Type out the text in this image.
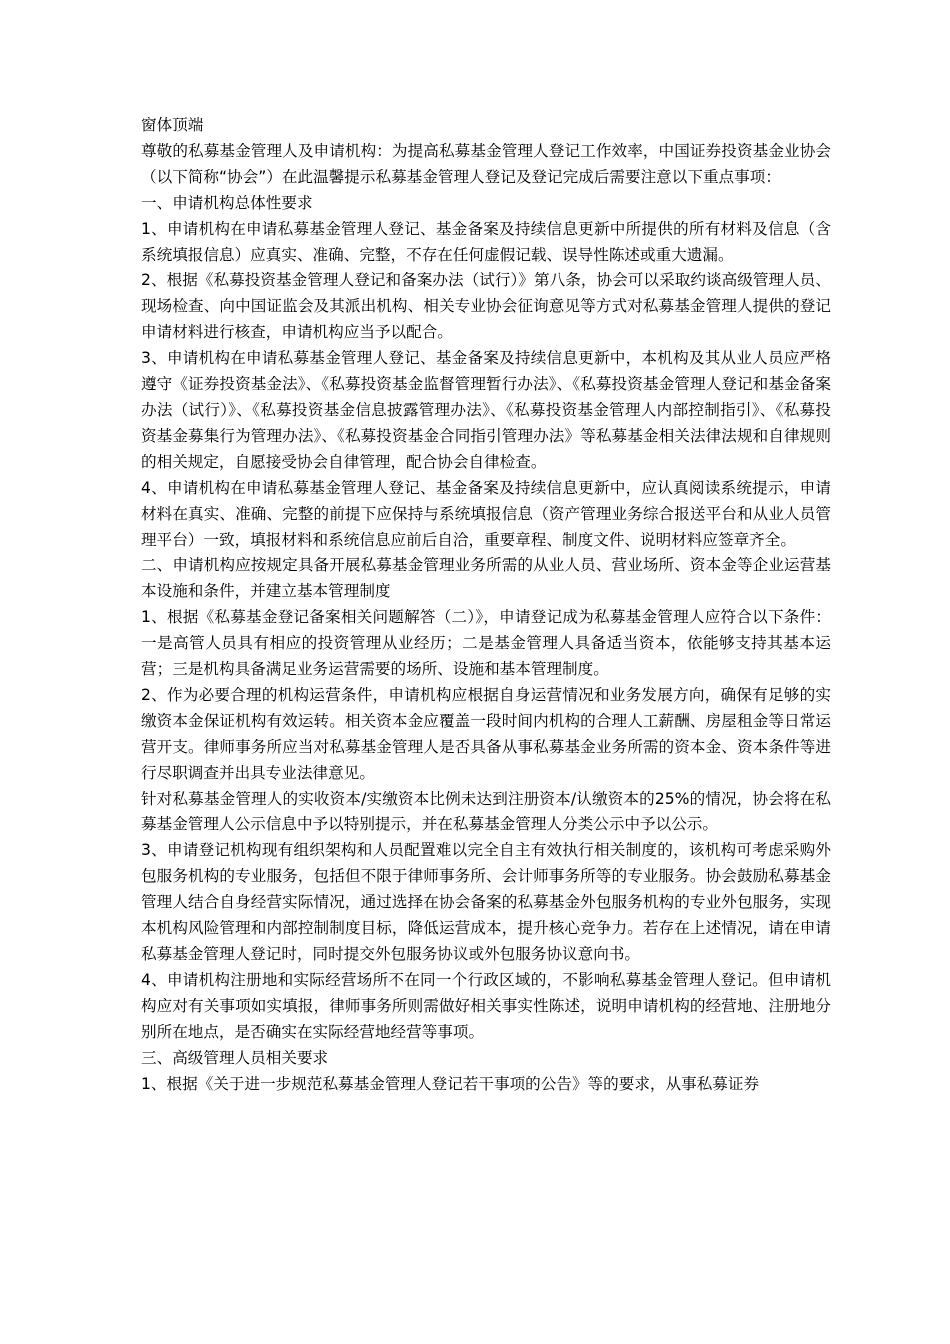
窗体顶端

尊敬的私募基金管理人及申请机构：为提高私募基金管理人登记工作效率，中国证券投资基金业协会（以下简称“协会”）在此温馨提示私募基金管理人登记及登记完成后需要注意以下重点事项：

一、申请机构总体性要求

1、申请机构在申请私募基金管理人登记、基金备案及持续信息更新中所提供的所有材料及信息（含系统填报信息）应真实、准确、完整，不存在任何虚假记载、误导性陈述或重大遗漏。

2、根据《私募投资基金管理人登记和备案办法（试行）》第八条，协会可以采取约谈高级管理人员、现场检查、向中国证监会及其派出机构、相关专业协会征询意见等方式对私募基金管理人提供的登记申请材料进行核查，申请机构应当予以配合。

3、申请机构在申请私募基金管理人登记、基金备案及持续信息更新中，本机构及其从业人员应严格遵守《证券投资基金法》、《私募投资基金监督管理暂行办法》、《私募投资基金管理人登记和基金备案办法（试行）》、《私募投资基金信息披露管理办法》、《私募投资基金管理人内部控制指引》、《私募投资基金募集行为管理办法》、《私募投资基金合同指引管理办法》等私募基金相关法律法规和自律规则的相关规定，自愿接受协会自律管理，配合协会自律检查。

4、申请机构在申请私募基金管理人登记、基金备案及持续信息更新中，应认真阅读系统提示，申请材料在真实、准确、完整的前提下应保持与系统填报信息（资产管理业务综合报送平台和从业人员管理平台）一致，填报材料和系统信息应前后自洽，重要章程、制度文件、说明材料应签章齐全。

二、申请机构应按规定具备开展私募基金管理业务所需的从业人员、营业场所、资本金等企业运营基本设施和条件，并建立基本管理制度

1、根据《私募基金登记备案相关问题解答（二）》，申请登记成为私募基金管理人应符合以下条件：一是高管人员具有相应的投资管理从业经历；二是基金管理人具备适当资本，依能够支持其基本运营；三是机构具备满足业务运营需要的场所、设施和基本管理制度。

2、作为必要合理的机构运营条件，申请机构应根据自身运营情况和业务发展方向，确保有足够的实缴资本金保证机构有效运转。相关资本金应覆盖一段时间内机构的合理人工薪酬、房屋租金等日常运营开支。律师事务所应当对私募基金管理人是否具备从事私募基金业务所需的资本金、资本条件等进行尽职调查并出具专业法律意见。

针对私募基金管理人的实收资本/实缴资本比例未达到注册资本/认缴资本的25%的情况，协会将在私募基金管理人公示信息中予以特别提示，并在私募基金管理人分类公示中予以公示。

3、申请登记机构现有组织架构和人员配置难以完全自主有效执行相关制度的，该机构可考虑采购外包服务机构的专业服务，包括但不限于律师事务所、会计师事务所等的专业服务。协会鼓励私募基金管理人结合自身经营实际情况，通过选择在协会备案的私募基金外包服务机构的专业外包服务，实现本机构风险管理和内部控制制度目标，降低运营成本，提升核心竞争力。若存在上述情况，请在申请私募基金管理人登记时，同时提交外包服务协议或外包服务协议意向书。

4、申请机构注册地和实际经营场所不在同一个行政区域的，不影响私募基金管理人登记。但申请机构应对有关事项如实填报，律师事务所则需做好相关事实性陈述，说明申请机构的经营地、注册地分别所在地点，是否确实在实际经营地经营等事项。

三、高级管理人员相关要求

1、根据《关于进一步规范私募基金管理人登记若干事项的公告》等的要求，从事私募证券
